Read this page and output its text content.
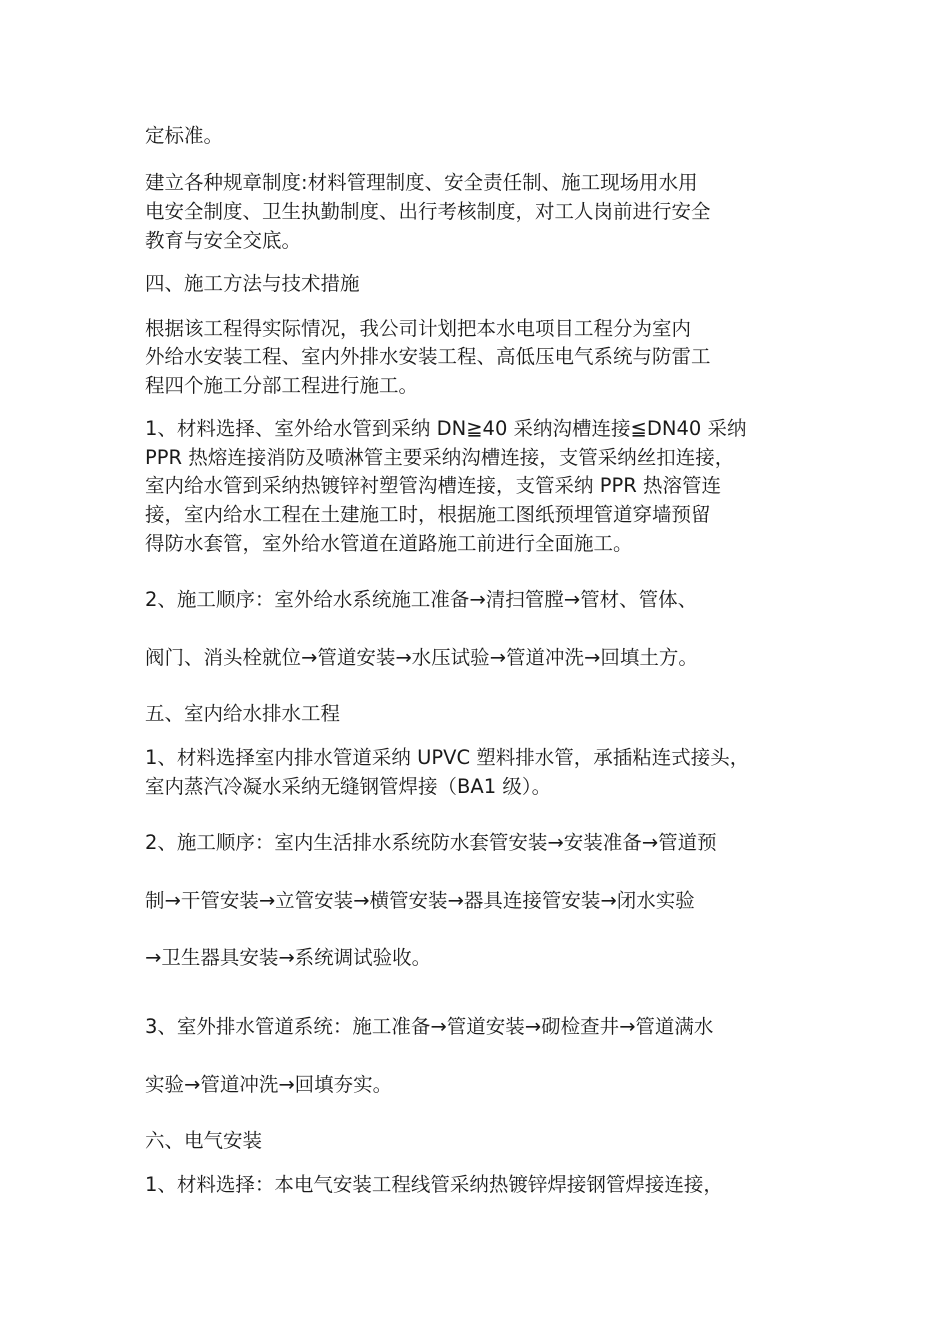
定标准。
建立各种规章制度:材料管理制度、安全责任制、施工现场用水用
电安全制度、卫生执勤制度、出行考核制度，对工人岗前进行安全
教育与安全交底。
四、施工方法与技术措施
根据该工程得实际情况，我公司计划把本水电项目工程分为室内
外给水安装工程、室内外排水安装工程、高低压电气系统与防雷工
程四个施工分部工程进行施工。
1、材料选择、室外给水管到采纳 DN≧40 采纳沟槽连接≦DN40 采纳
PPR 热熔连接消防及喷淋管主要采纳沟槽连接，支管采纳丝扣连接，
室内给水管到采纳热镀锌衬塑管沟槽连接，支管采纳 PPR 热溶管连
接，室内给水工程在土建施工时，根据施工图纸预埋管道穿墙预留
得防水套管，室外给水管道在道路施工前进行全面施工。
2、施工顺序：室外给水系统施工准备→清扫管膛→管材、管体、
阀门、消头栓就位→管道安装→水压试验→管道冲洗→回填土方。
五、室内给水排水工程
1、材料选择室内排水管道采纳 UPVC 塑料排水管，承插粘连式接头，
室内蒸汽冷凝水采纳无缝钢管焊接（BA1 级）。
2、施工顺序：室内生活排水系统防水套管安装→安装准备→管道预
制→干管安装→立管安装→横管安装→器具连接管安装→闭水实验
→卫生器具安装→系统调试验收。
3、室外排水管道系统：施工准备→管道安装→砌检查井→管道满水
实验→管道冲洗→回填夯实。
六、电气安装
1、材料选择：本电气安装工程线管采纳热镀锌焊接钢管焊接连接，
